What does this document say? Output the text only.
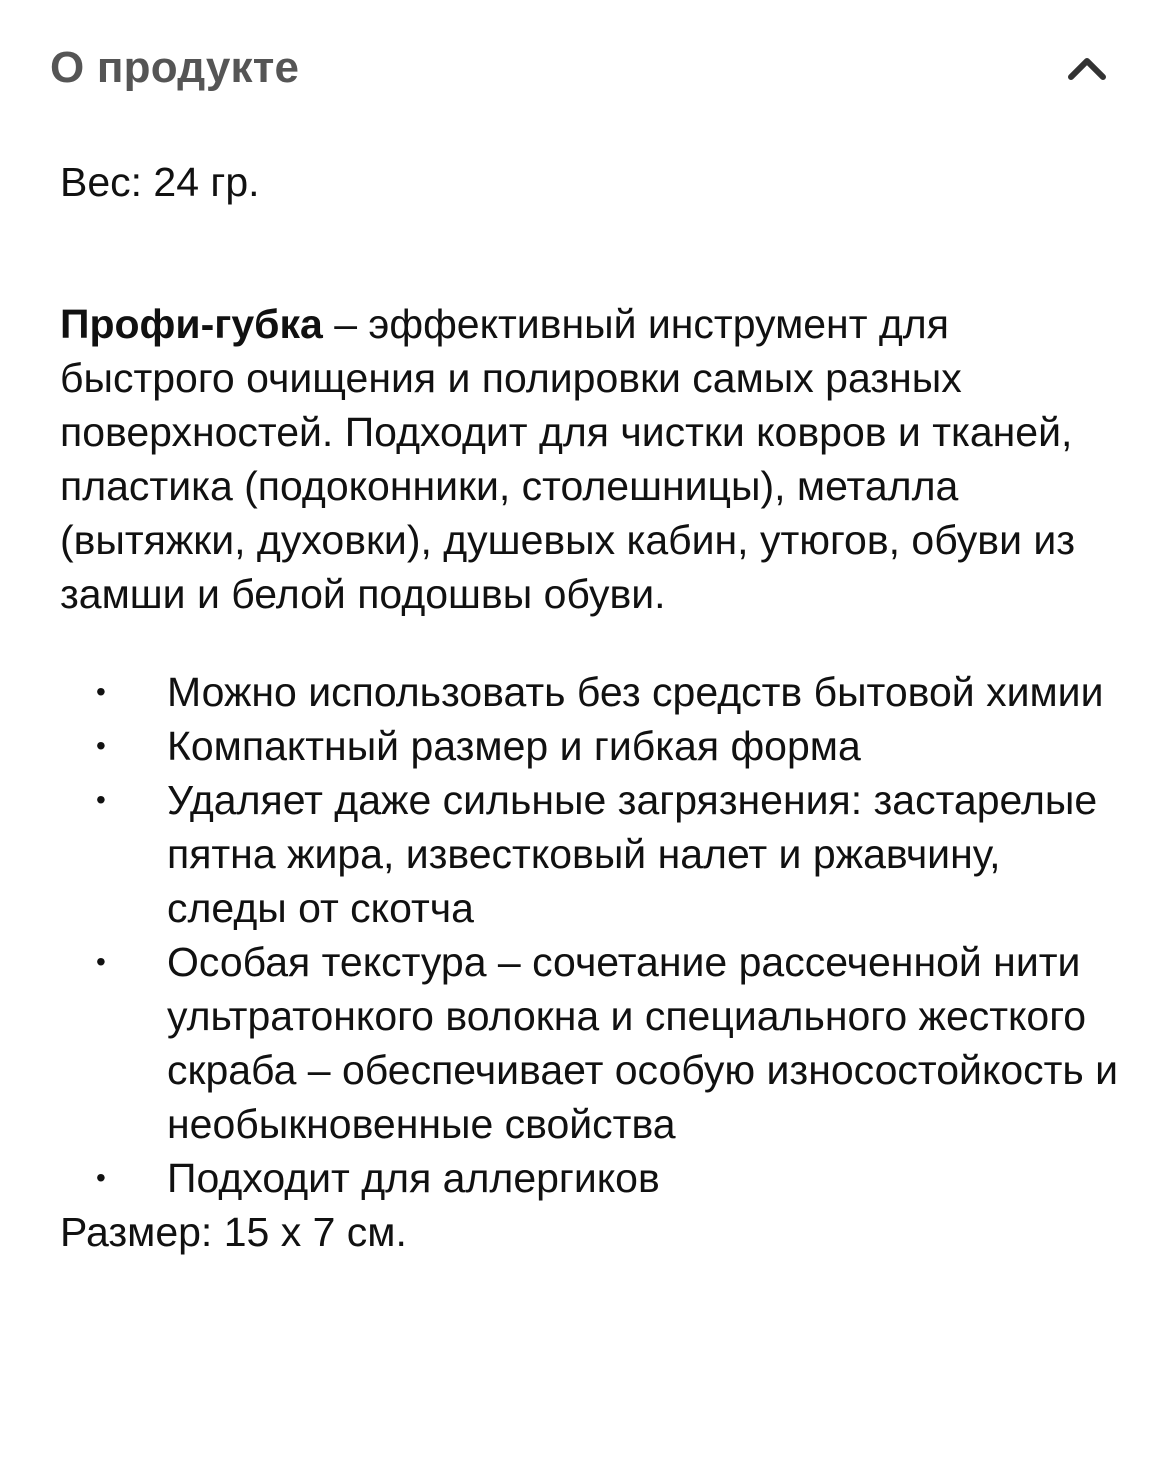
О продукте

Вес: 24 гр.

Профи-губка – эффективный инструмент для быстрого очищения и полировки самых разных поверхностей. Подходит для чистки ковров и тканей, пластика (подоконники, столешницы), металла (вытяжки, духовки), душевых кабин, утюгов, обуви из замши и белой подошвы обуви.

• Можно использовать без средств бытовой химии
• Компактный размер и гибкая форма
• Удаляет даже сильные загрязнения: застарелые пятна жира, известковый налет и ржавчину, следы от скотча
• Особая текстура – сочетание рассеченной нити ультратонкого волокна и специального жесткого скраба – обеспечивает особую износостойкость и необыкновенные свойства
• Подходит для аллергиков

Размер: 15 х 7 см.
